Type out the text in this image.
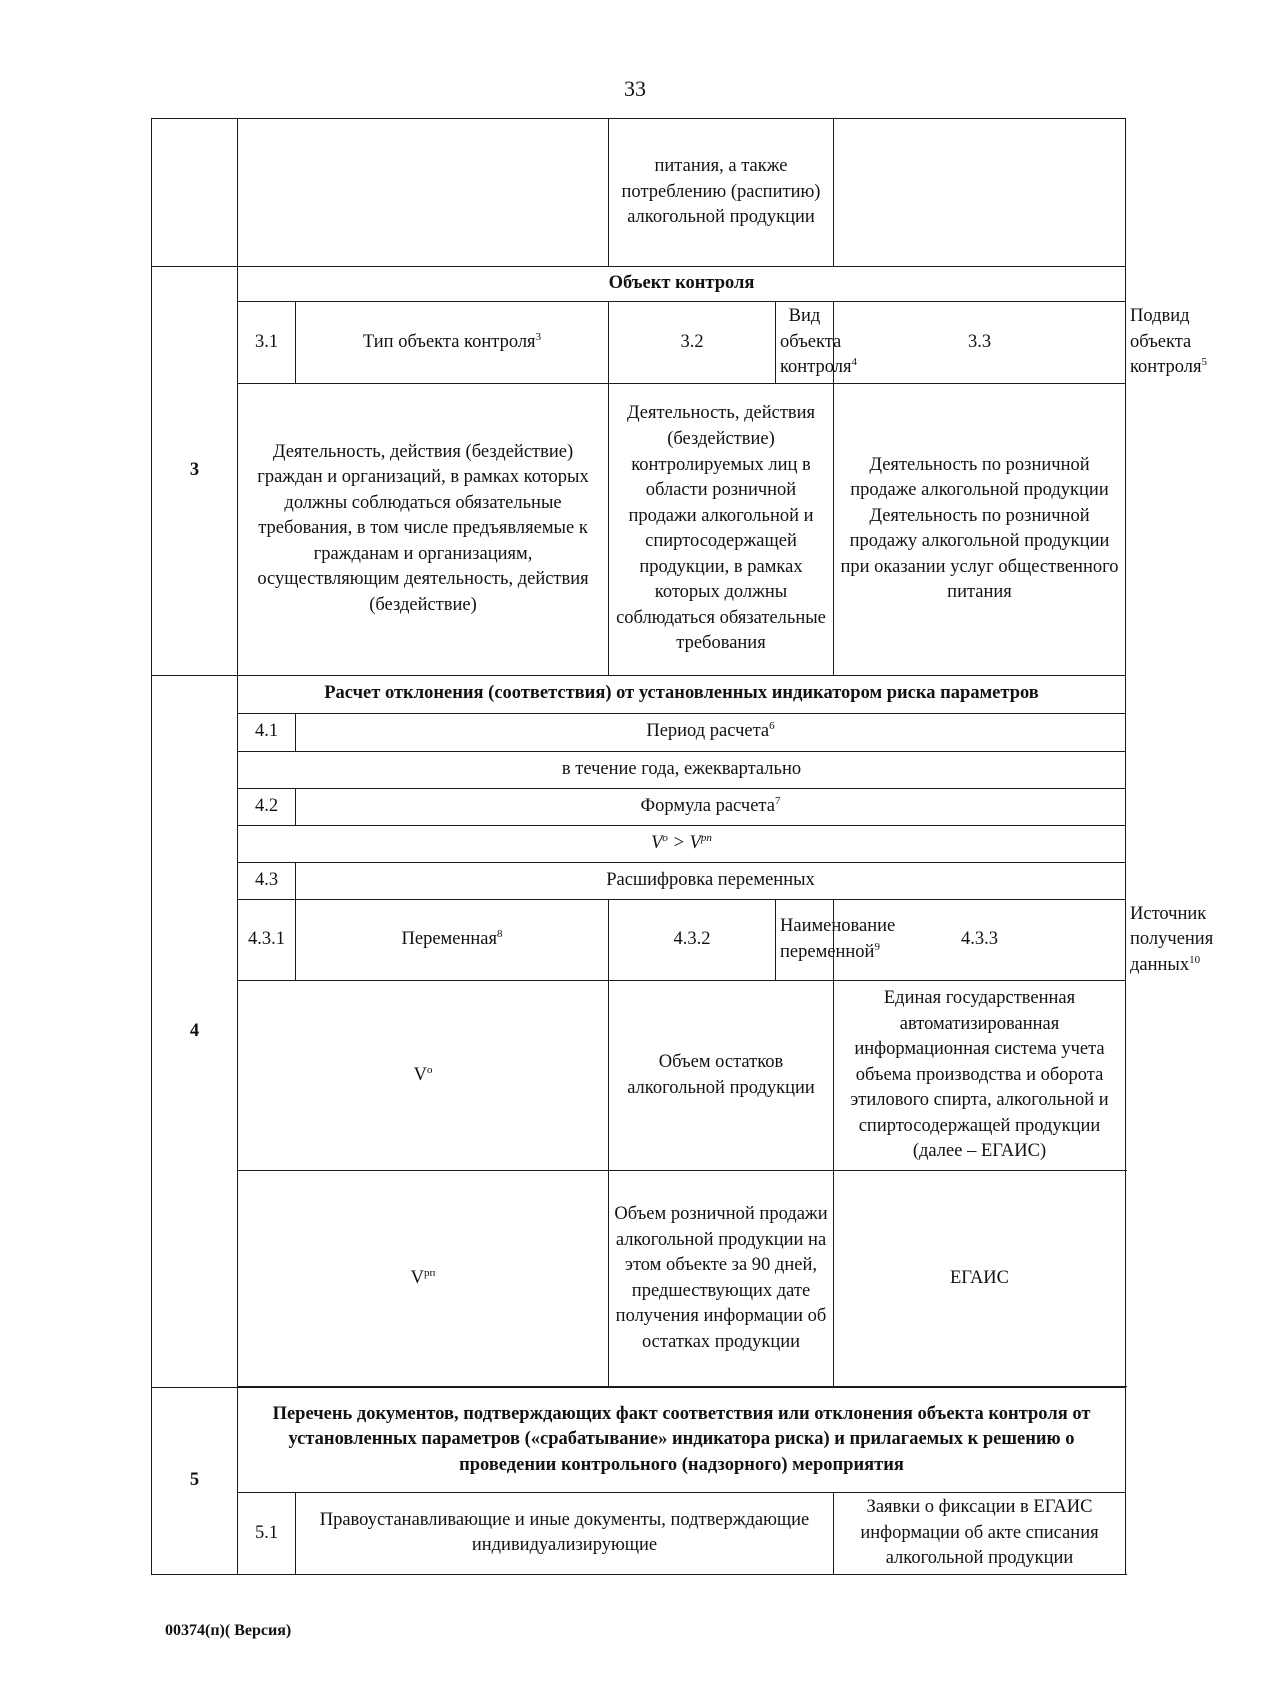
33
			питания, а также потреблению (распитию) алкогольной продукции			
3	Объект контроля					
	3.1	Тип объекта контроля$^3$	3.2	Вид объекта контроля$^4$	3.3	Подвид объекта контроля$^5$
	Деятельность, действия (бездействие) граждан и организаций, в рамках которых должны соблюдаться обязательные требования, в том числе предъявляемые к гражданам и организациям, осуществляющим деятельность, действия (бездействие)		Деятельность, действия (бездействие) контролируемых лиц в области розничной продажи алкогольной и спиртосодержащей продукции, в рамках которых должны соблюдаться обязательные требования		Деятельность по розничной продаже алкогольной продукции
Деятельность по розничной продажу алкогольной продукции при оказании услуг общественного питания	

4	Расчет отклонения (соответствия) от установленных индикатором риска параметров					
	4.1	Период расчета$^6$
	в течение года, ежеквартально					
	4.2	Формула расчета$^7$
	$V^о > V^{рп}$
	4.3	Расшифровка переменных				
	4.3.1	Переменная$^8$	4.3.2	Наименование переменной$^9$	4.3.3	Источник получения данных$^{10}$
	$V^о$		Объем остатков алкогольной продукции		Единая государственная автоматизированная информационная система учета объема производства и оборота этилового спирта, алкогольной и спиртосодержащей продукции (далее – ЕГАИС)	
	$V^{рп}$		Объем розничной продажи алкогольной продукции на этом объекте за 90 дней, предшествующих дате получения информации об остатках продукции		ЕГАИС	

5	Перечень документов, подтверждающих факт соответствия или отклонения объекта контроля от установленных параметров («срабатывание» индикатора риска) и прилагаемых к решению о проведении контрольного (надзорного) мероприятия					
	5.1	Правоустанавливающие и иные документы, подтверждающие индивидуализирующие			Заявки о фиксации в ЕГАИС информации об акте списания алкогольной продукции	
00374(п)( Версия)
